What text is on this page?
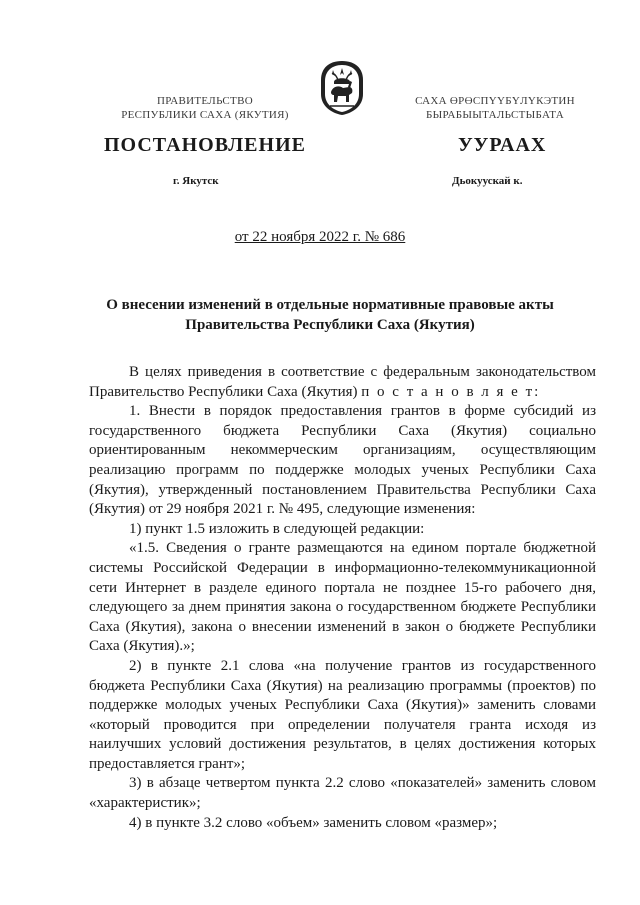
ПРАВИТЕЛЬСТВО
РЕСПУБЛИКИ САХА (ЯКУТИЯ)
САХА ӨРӨСПҮҮБҮЛҮКЭТИН
БЫРАБЫЫТАЛЬСТЫБАТА
ПОСТАНОВЛЕНИЕ	УУРААХ
г. Якутск	Дьокуускай к.
от 22 ноября 2022 г. № 686
О внесении изменений в отдельные нормативные правовые акты
Правительства Республики Саха (Якутия)

В целях приведения в соответствие с федеральным законодательством Правительство Республики Саха (Якутия) п о с т а н о в л я е т:

1. Внести в порядок предоставления грантов в форме субсидий из государственного бюджета Республики Саха (Якутия) социально ориентированным некоммерческим организациям, осуществляющим реализацию программ по поддержке молодых ученых Республики Саха (Якутия), утвержденный постановлением Правительства Республики Саха (Якутия) от 29 ноября 2021 г. № 495, следующие изменения:

1) пункт 1.5 изложить в следующей редакции:

«1.5. Сведения о гранте размещаются на едином портале бюджетной системы Российской Федерации в информационно-телекоммуникационной сети Интернет в разделе единого портала не позднее 15-го рабочего дня, следующего за днем принятия закона о государственном бюджете Республики Саха (Якутия), закона о внесении изменений в закон о бюджете Республики Саха (Якутия).»;

2) в пункте 2.1 слова «на получение грантов из государственного бюджета Республики Саха (Якутия) на реализацию программы (проектов) по поддержке молодых ученых Республики Саха (Якутия)» заменить словами «который проводится при определении получателя гранта исходя из наилучших условий достижения результатов, в целях достижения которых предоставляется грант»;

3) в абзаце четвертом пункта 2.2 слово «показателей» заменить словом «характеристик»;

4) в пункте 3.2 слово «объем» заменить словом «размер»;
